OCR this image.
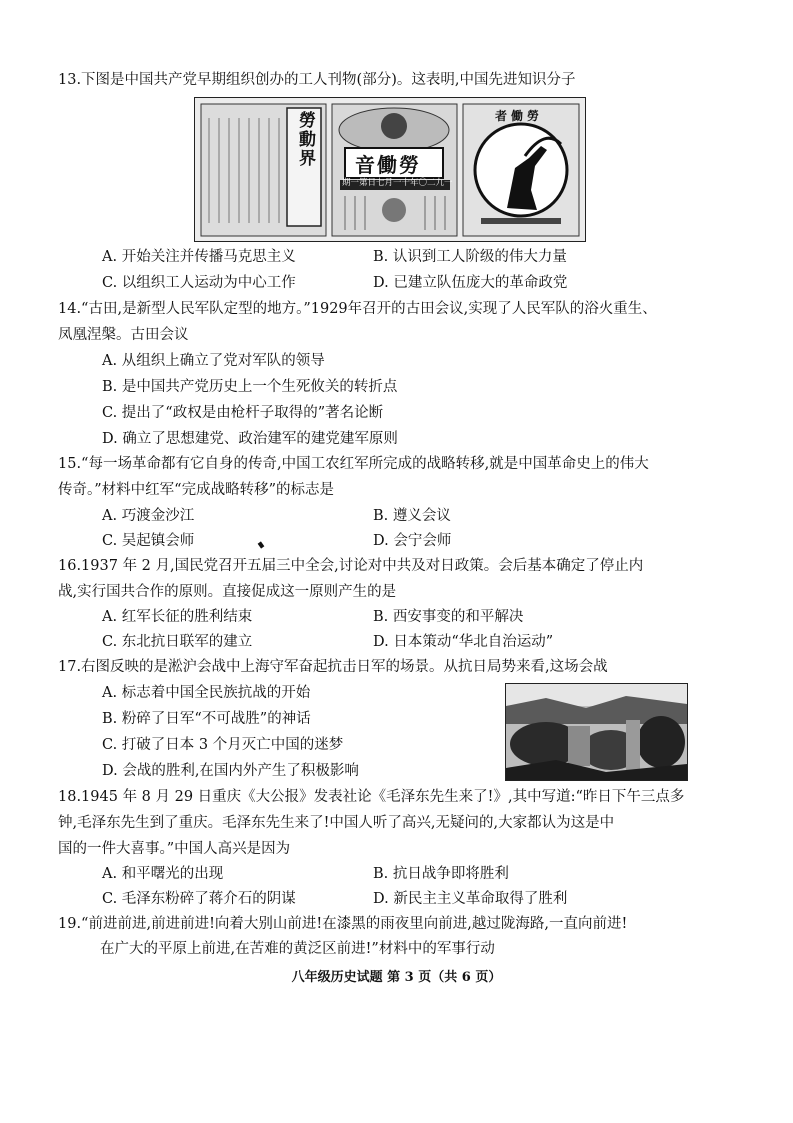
13.下图是中国共产党早期组织创办的工人刊物(部分)。这表明,中国先进知识分子
勞動界 音働勞
期一第日七月一十年〇二九一
者働勞
A. 开始关注并传播马克思主义	B. 认识到工人阶级的伟大力量
C. 以组织工人运动为中心工作	D. 已建立队伍庞大的革命政党
14.“古田,是新型人民军队定型的地方。”1929年召开的古田会议,实现了人民军队的浴火重生、
凤凰涅槃。古田会议
A. 从组织上确立了党对军队的领导
B. 是中国共产党历史上一个生死攸关的转折点
C. 提出了“政权是由枪杆子取得的”著名论断
D. 确立了思想建党、政治建军的建党建军原则
15.“每一场革命都有它自身的传奇,中国工农红军所完成的战略转移,就是中国革命史上的伟大
传奇。”材料中红军“完成战略转移”的标志是
A. 巧渡金沙江	B. 遵义会议
C. 吴起镇会师	D. 会宁会师
16.1937 年 2 月,国民党召开五届三中全会,讨论对中共及对日政策。会后基本确定了停止内
战,实行国共合作的原则。直接促成这一原则产生的是
A. 红军长征的胜利结束	B. 西安事变的和平解决
C. 东北抗日联军的建立	D. 日本策动“华北自治运动”
17.右图反映的是淞沪会战中上海守军奋起抗击日军的场景。从抗日局势来看,这场会战
A. 标志着中国全民族抗战的开始
B. 粉碎了日军“不可战胜”的神话
C. 打破了日本 3 个月灭亡中国的迷梦
D. 会战的胜利,在国内外产生了积极影响
18.1945 年 8 月 29 日重庆《大公报》发表社论《毛泽东先生来了!》,其中写道:“昨日下午三点多
钟,毛泽东先生到了重庆。毛泽东先生来了!中国人听了高兴,无疑问的,大家都认为这是中
国的一件大喜事。”中国人高兴是因为
A. 和平曙光的出现	B. 抗日战争即将胜利
C. 毛泽东粉碎了蒋介石的阴谋	D. 新民主主义革命取得了胜利
19.“前进前进,前进前进!向着大别山前进!在漆黑的雨夜里向前进,越过陇海路,一直向前进!
在广大的平原上前进,在苦难的黄泛区前进!”材料中的军事行动
八年级历史试题 第 3 页（共 6 页）
